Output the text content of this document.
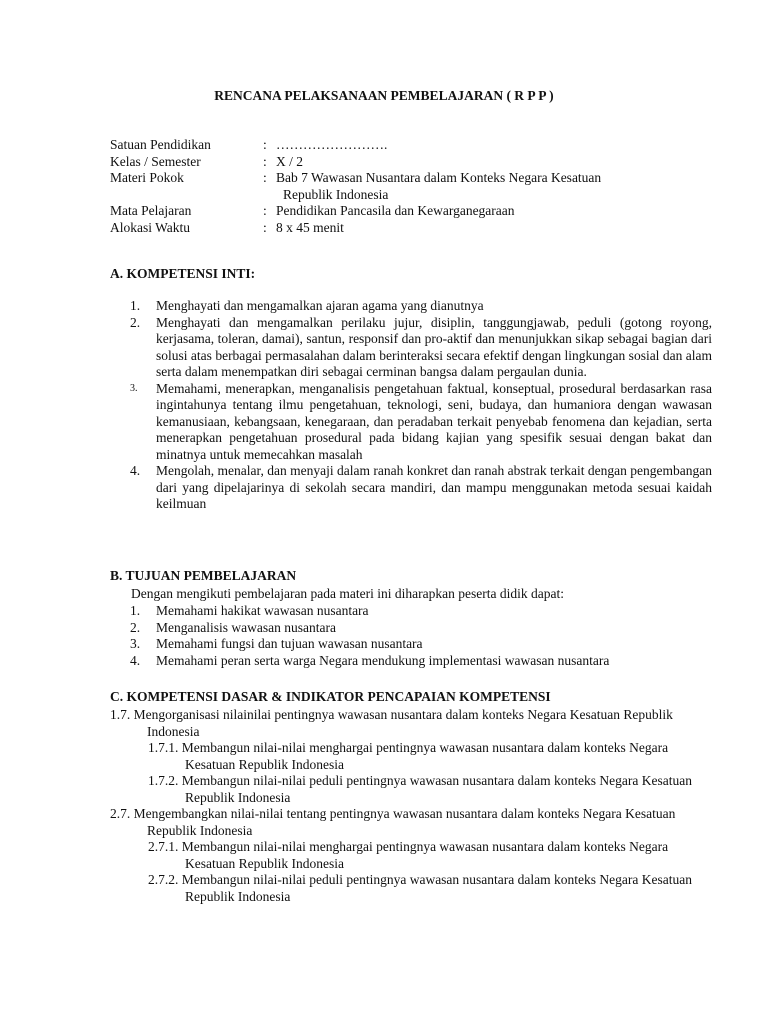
RENCANA PELAKSANAAN PEMBELAJARAN ( R P P )
Satuan Pendidikan	: …………………….
Kelas / Semester	: X / 2
Materi Pokok	: Bab 7 Wawasan Nusantara dalam Konteks Negara Kesatuan
Republik Indonesia
Mata Pelajaran	: Pendidikan Pancasila dan Kewarganegaraan
Alokasi Waktu	: 8 x 45 menit
A. KOMPETENSI INTI:
1.	Menghayati dan mengamalkan ajaran agama yang dianutnya
2.	Menghayati dan mengamalkan perilaku jujur, disiplin, tanggungjawab, peduli (gotong royong, kerjasama, toleran, damai), santun, responsif dan pro-aktif dan menunjukkan sikap sebagai bagian dari solusi atas berbagai permasalahan dalam berinteraksi secara efektif dengan lingkungan sosial dan alam serta dalam menempatkan diri sebagai cerminan bangsa dalam pergaulan dunia.
3.	Memahami, menerapkan, menganalisis pengetahuan faktual, konseptual, prosedural berdasarkan rasa ingintahunya tentang ilmu pengetahuan, teknologi, seni, budaya, dan humaniora dengan wawasan kemanusiaan, kebangsaan, kenegaraan, dan peradaban terkait penyebab fenomena dan kejadian, serta menerapkan pengetahuan prosedural pada bidang kajian yang spesifik sesuai dengan bakat dan minatnya untuk memecahkan masalah
4.	Mengolah, menalar, dan menyaji dalam ranah konkret dan ranah abstrak terkait dengan pengembangan dari yang dipelajarinya di sekolah secara mandiri, dan mampu menggunakan metoda sesuai kaidah keilmuan
B. TUJUAN PEMBELAJARAN
Dengan mengikuti pembelajaran pada materi ini diharapkan peserta didik dapat:
1.	Memahami hakikat wawasan nusantara
2.	Menganalisis wawasan nusantara
3.	Memahami fungsi dan tujuan wawasan nusantara
4.	Memahami peran serta warga Negara mendukung implementasi wawasan nusantara
C. KOMPETENSI DASAR & INDIKATOR PENCAPAIAN KOMPETENSI
1.7. Mengorganisasi nilainilai pentingnya wawasan nusantara dalam konteks Negara Kesatuan Republik Indonesia
1.7.1. Membangun nilai-nilai menghargai pentingnya wawasan nusantara dalam konteks Negara Kesatuan Republik Indonesia
1.7.2. Membangun nilai-nilai peduli pentingnya wawasan nusantara dalam konteks Negara Kesatuan Republik Indonesia
2.7. Mengembangkan nilai-nilai tentang pentingnya wawasan nusantara dalam konteks Negara Kesatuan Republik Indonesia
2.7.1. Membangun nilai-nilai menghargai pentingnya wawasan nusantara dalam konteks Negara Kesatuan Republik Indonesia
2.7.2. Membangun nilai-nilai peduli pentingnya wawasan nusantara dalam konteks Negara Kesatuan Republik Indonesia
